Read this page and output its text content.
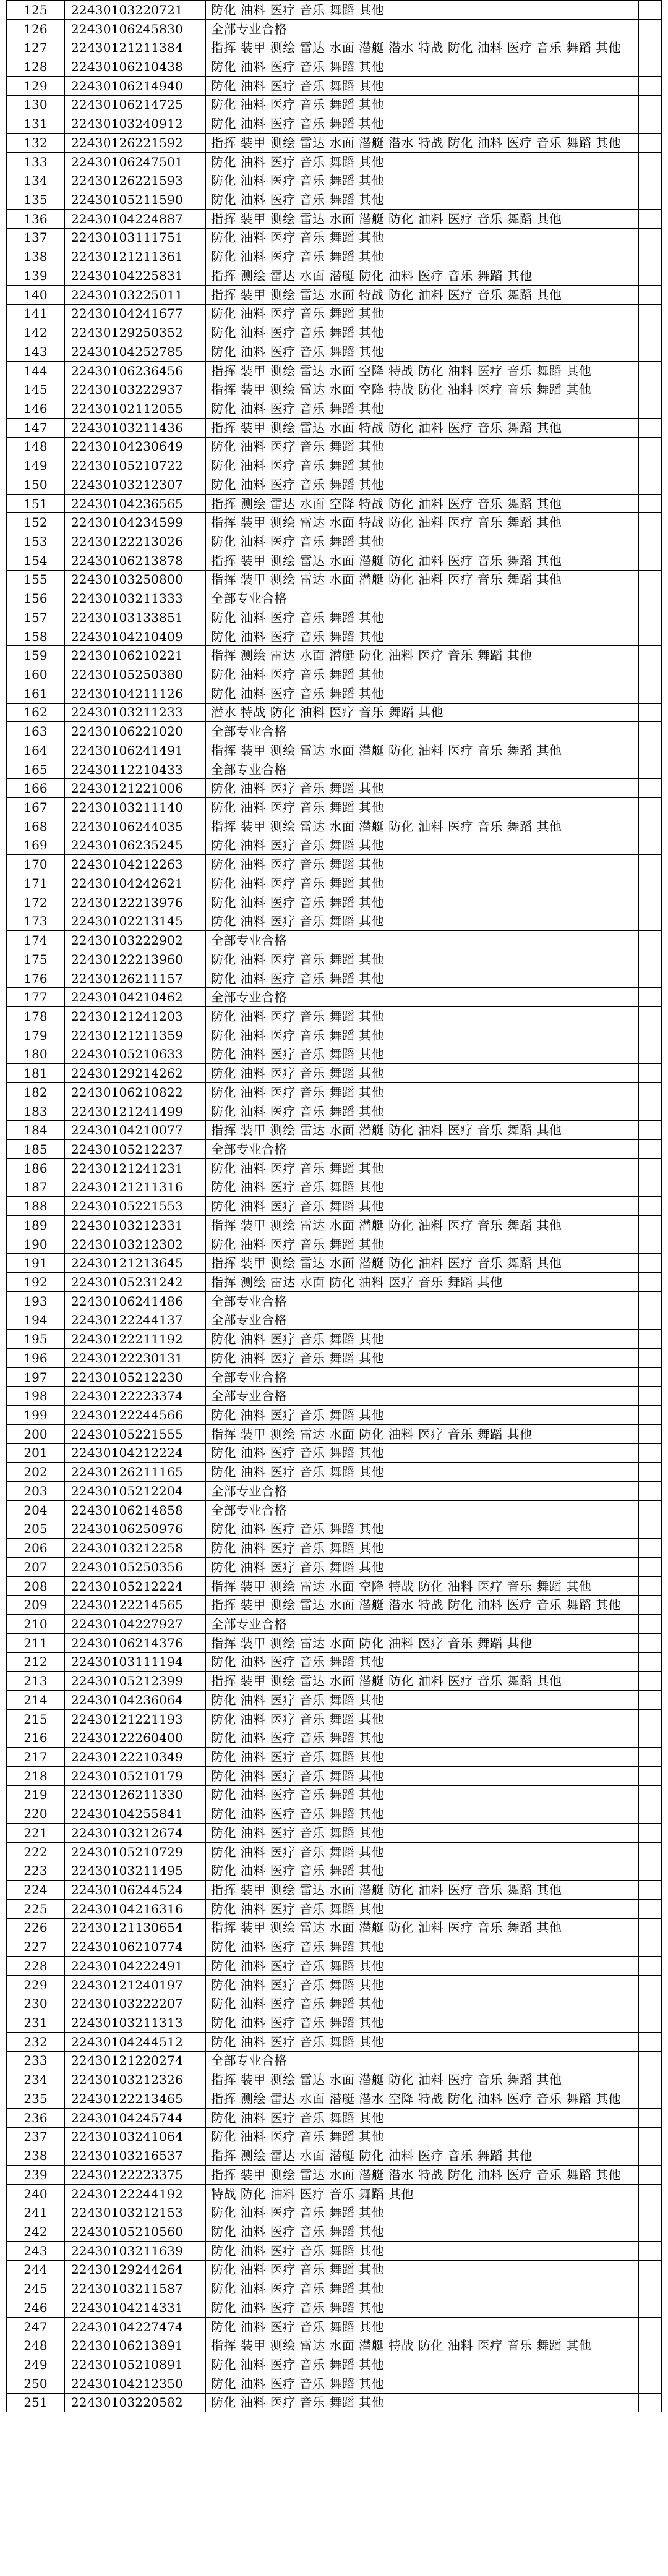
125	22430103220721	防化 油料 医疗 音乐 舞蹈 其他	
126	22430106245830	全部专业合格	
127	22430121211384	指挥 装甲 测绘 雷达 水面 潜艇 潜水 特战 防化 油料 医疗 音乐 舞蹈 其他	
128	22430106210438	防化 油料 医疗 音乐 舞蹈 其他	
129	22430106214940	防化 油料 医疗 音乐 舞蹈 其他	
130	22430106214725	防化 油料 医疗 音乐 舞蹈 其他	
131	22430103240912	防化 油料 医疗 音乐 舞蹈 其他	
132	22430126221592	指挥 装甲 测绘 雷达 水面 潜艇 潜水 特战 防化 油料 医疗 音乐 舞蹈 其他	
133	22430106247501	防化 油料 医疗 音乐 舞蹈 其他	
134	22430126221593	防化 油料 医疗 音乐 舞蹈 其他	
135	22430105211590	防化 油料 医疗 音乐 舞蹈 其他	
136	22430104224887	指挥 装甲 测绘 雷达 水面 潜艇 防化 油料 医疗 音乐 舞蹈 其他	
137	22430103111751	防化 油料 医疗 音乐 舞蹈 其他	
138	22430121211361	防化 油料 医疗 音乐 舞蹈 其他	
139	22430104225831	指挥 测绘 雷达 水面 潜艇 防化 油料 医疗 音乐 舞蹈 其他	
140	22430103225011	指挥 装甲 测绘 雷达 水面 特战 防化 油料 医疗 音乐 舞蹈 其他	
141	22430104241677	防化 油料 医疗 音乐 舞蹈 其他	
142	22430129250352	防化 油料 医疗 音乐 舞蹈 其他	
143	22430104252785	防化 油料 医疗 音乐 舞蹈 其他	
144	22430106236456	指挥 装甲 测绘 雷达 水面 空降 特战 防化 油料 医疗 音乐 舞蹈 其他	
145	22430103222937	指挥 装甲 测绘 雷达 水面 空降 特战 防化 油料 医疗 音乐 舞蹈 其他	
146	22430102112055	防化 油料 医疗 音乐 舞蹈 其他	
147	22430103211436	指挥 装甲 测绘 雷达 水面 特战 防化 油料 医疗 音乐 舞蹈 其他	
148	22430104230649	防化 油料 医疗 音乐 舞蹈 其他	
149	22430105210722	防化 油料 医疗 音乐 舞蹈 其他	
150	22430103212307	防化 油料 医疗 音乐 舞蹈 其他	
151	22430104236565	指挥 测绘 雷达 水面 空降 特战 防化 油料 医疗 音乐 舞蹈 其他	
152	22430104234599	指挥 装甲 测绘 雷达 水面 特战 防化 油料 医疗 音乐 舞蹈 其他	
153	22430122213026	防化 油料 医疗 音乐 舞蹈 其他	
154	22430106213878	指挥 装甲 测绘 雷达 水面 潜艇 防化 油料 医疗 音乐 舞蹈 其他	
155	22430103250800	指挥 装甲 测绘 雷达 水面 潜艇 防化 油料 医疗 音乐 舞蹈 其他	
156	22430103211333	全部专业合格	
157	22430103133851	防化 油料 医疗 音乐 舞蹈 其他	
158	22430104210409	防化 油料 医疗 音乐 舞蹈 其他	
159	22430106210221	指挥 测绘 雷达 水面 潜艇 防化 油料 医疗 音乐 舞蹈 其他	
160	22430105250380	防化 油料 医疗 音乐 舞蹈 其他	
161	22430104211126	防化 油料 医疗 音乐 舞蹈 其他	
162	22430103211233	潜水 特战 防化 油料 医疗 音乐 舞蹈 其他	
163	22430106221020	全部专业合格	
164	22430106241491	指挥 装甲 测绘 雷达 水面 潜艇 防化 油料 医疗 音乐 舞蹈 其他	
165	22430112210433	全部专业合格	
166	22430121221006	防化 油料 医疗 音乐 舞蹈 其他	
167	22430103211140	防化 油料 医疗 音乐 舞蹈 其他	
168	22430106244035	指挥 装甲 测绘 雷达 水面 潜艇 防化 油料 医疗 音乐 舞蹈 其他	
169	22430106235245	防化 油料 医疗 音乐 舞蹈 其他	
170	22430104212263	防化 油料 医疗 音乐 舞蹈 其他	
171	22430104242621	防化 油料 医疗 音乐 舞蹈 其他	
172	22430122213976	防化 油料 医疗 音乐 舞蹈 其他	
173	22430102213145	防化 油料 医疗 音乐 舞蹈 其他	
174	22430103222902	全部专业合格	
175	22430122213960	防化 油料 医疗 音乐 舞蹈 其他	
176	22430126211157	防化 油料 医疗 音乐 舞蹈 其他	
177	22430104210462	全部专业合格	
178	22430121241203	防化 油料 医疗 音乐 舞蹈 其他	
179	22430121211359	防化 油料 医疗 音乐 舞蹈 其他	
180	22430105210633	防化 油料 医疗 音乐 舞蹈 其他	
181	22430129214262	防化 油料 医疗 音乐 舞蹈 其他	
182	22430106210822	防化 油料 医疗 音乐 舞蹈 其他	
183	22430121241499	防化 油料 医疗 音乐 舞蹈 其他	
184	22430104210077	指挥 装甲 测绘 雷达 水面 潜艇 防化 油料 医疗 音乐 舞蹈 其他	
185	22430105212237	全部专业合格	
186	22430121241231	防化 油料 医疗 音乐 舞蹈 其他	
187	22430121211316	防化 油料 医疗 音乐 舞蹈 其他	
188	22430105221553	防化 油料 医疗 音乐 舞蹈 其他	
189	22430103212331	指挥 装甲 测绘 雷达 水面 潜艇 防化 油料 医疗 音乐 舞蹈 其他	
190	22430103212302	防化 油料 医疗 音乐 舞蹈 其他	
191	22430121213645	指挥 装甲 测绘 雷达 水面 潜艇 防化 油料 医疗 音乐 舞蹈 其他	
192	22430105231242	指挥 测绘 雷达 水面 防化 油料 医疗 音乐 舞蹈 其他	
193	22430106241486	全部专业合格	
194	22430122244137	全部专业合格	
195	22430122211192	防化 油料 医疗 音乐 舞蹈 其他	
196	22430122230131	防化 油料 医疗 音乐 舞蹈 其他	
197	22430105212230	全部专业合格	
198	22430122223374	全部专业合格	
199	22430122244566	防化 油料 医疗 音乐 舞蹈 其他	
200	22430105221555	指挥 装甲 测绘 雷达 水面 防化 油料 医疗 音乐 舞蹈 其他	
201	22430104212224	防化 油料 医疗 音乐 舞蹈 其他	
202	22430126211165	防化 油料 医疗 音乐 舞蹈 其他	
203	22430105212204	全部专业合格	
204	22430106214858	全部专业合格	
205	22430106250976	防化 油料 医疗 音乐 舞蹈 其他	
206	22430103212258	防化 油料 医疗 音乐 舞蹈 其他	
207	22430105250356	防化 油料 医疗 音乐 舞蹈 其他	
208	22430105212224	指挥 装甲 测绘 雷达 水面 空降 特战 防化 油料 医疗 音乐 舞蹈 其他	
209	22430122214565	指挥 装甲 测绘 雷达 水面 潜艇 潜水 特战 防化 油料 医疗 音乐 舞蹈 其他	
210	22430104227927	全部专业合格	
211	22430106214376	指挥 装甲 测绘 雷达 水面 防化 油料 医疗 音乐 舞蹈 其他	
212	22430103111194	防化 油料 医疗 音乐 舞蹈 其他	
213	22430105212399	指挥 装甲 测绘 雷达 水面 潜艇 防化 油料 医疗 音乐 舞蹈 其他	
214	22430104236064	防化 油料 医疗 音乐 舞蹈 其他	
215	22430121221193	防化 油料 医疗 音乐 舞蹈 其他	
216	22430122260400	防化 油料 医疗 音乐 舞蹈 其他	
217	22430122210349	防化 油料 医疗 音乐 舞蹈 其他	
218	22430105210179	防化 油料 医疗 音乐 舞蹈 其他	
219	22430126211330	防化 油料 医疗 音乐 舞蹈 其他	
220	22430104255841	防化 油料 医疗 音乐 舞蹈 其他	
221	22430103212674	防化 油料 医疗 音乐 舞蹈 其他	
222	22430105210729	防化 油料 医疗 音乐 舞蹈 其他	
223	22430103211495	防化 油料 医疗 音乐 舞蹈 其他	
224	22430106244524	指挥 装甲 测绘 雷达 水面 潜艇 防化 油料 医疗 音乐 舞蹈 其他	
225	22430104216316	防化 油料 医疗 音乐 舞蹈 其他	
226	22430121130654	指挥 装甲 测绘 雷达 水面 潜艇 防化 油料 医疗 音乐 舞蹈 其他	
227	22430106210774	防化 油料 医疗 音乐 舞蹈 其他	
228	22430104222491	防化 油料 医疗 音乐 舞蹈 其他	
229	22430121240197	防化 油料 医疗 音乐 舞蹈 其他	
230	22430103222207	防化 油料 医疗 音乐 舞蹈 其他	
231	22430103211313	防化 油料 医疗 音乐 舞蹈 其他	
232	22430104244512	防化 油料 医疗 音乐 舞蹈 其他	
233	22430121220274	全部专业合格	
234	22430103212326	指挥 装甲 测绘 雷达 水面 潜艇 防化 油料 医疗 音乐 舞蹈 其他	
235	22430122213465	指挥 测绘 雷达 水面 潜艇 潜水 空降 特战 防化 油料 医疗 音乐 舞蹈 其他	
236	22430104245744	防化 油料 医疗 音乐 舞蹈 其他	
237	22430103241064	防化 油料 医疗 音乐 舞蹈 其他	
238	22430103216537	指挥 测绘 雷达 水面 潜艇 防化 油料 医疗 音乐 舞蹈 其他	
239	22430122223375	指挥 装甲 测绘 雷达 水面 潜艇 潜水 特战 防化 油料 医疗 音乐 舞蹈 其他	
240	22430122244192	特战 防化 油料 医疗 音乐 舞蹈 其他	
241	22430103212153	防化 油料 医疗 音乐 舞蹈 其他	
242	22430105210560	防化 油料 医疗 音乐 舞蹈 其他	
243	22430103211639	防化 油料 医疗 音乐 舞蹈 其他	
244	22430129244264	防化 油料 医疗 音乐 舞蹈 其他	
245	22430103211587	防化 油料 医疗 音乐 舞蹈 其他	
246	22430104214331	防化 油料 医疗 音乐 舞蹈 其他	
247	22430104227474	防化 油料 医疗 音乐 舞蹈 其他	
248	22430106213891	指挥 装甲 测绘 雷达 水面 潜艇 特战 防化 油料 医疗 音乐 舞蹈 其他	
249	22430105210891	防化 油料 医疗 音乐 舞蹈 其他	
250	22430104212350	防化 油料 医疗 音乐 舞蹈 其他	
251	22430103220582	防化 油料 医疗 音乐 舞蹈 其他	
